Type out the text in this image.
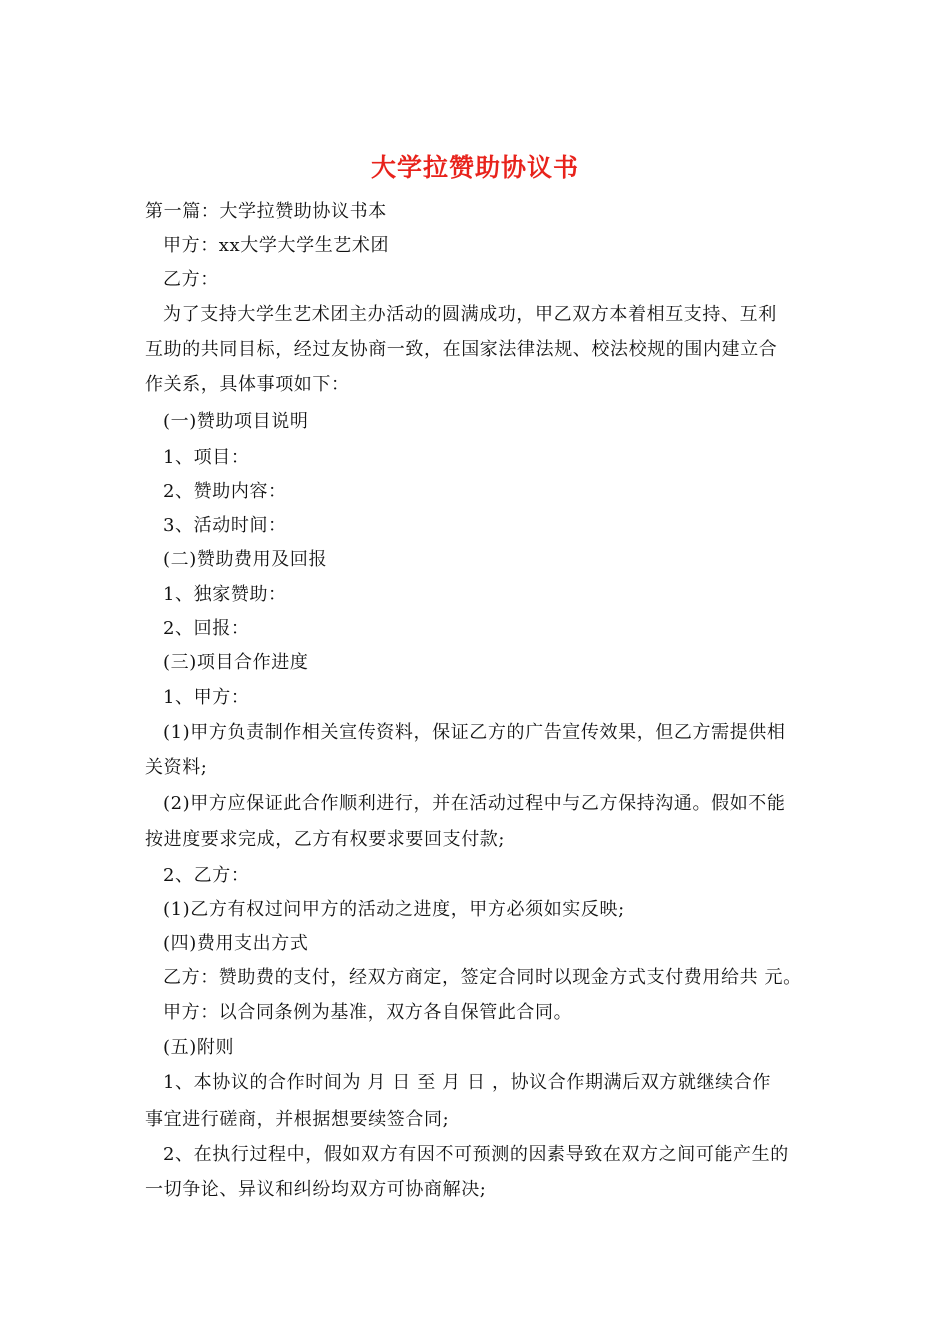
大学拉赞助协议书
第一篇：大学拉赞助协议书本
甲方：xx大学大学生艺术团
乙方：
为了支持大学生艺术团主办活动的圆满成功，甲乙双方本着相互支持、互利
互助的共同目标，经过友协商一致，在国家法律法规、校法校规的围内建立合
作关系，具体事项如下：
(一)赞助项目说明
1、项目：
2、赞助内容：
3、活动时间：
(二)赞助费用及回报
1、独家赞助：
2、回报：
(三)项目合作进度
1、甲方：
(1)甲方负责制作相关宣传资料，保证乙方的广告宣传效果，但乙方需提供相
关资料;
(2)甲方应保证此合作顺利进行，并在活动过程中与乙方保持沟通。假如不能
按进度要求完成，乙方有权要求要回支付款;
2、乙方：
(1)乙方有权过问甲方的活动之进度，甲方必须如实反映;
(四)费用支出方式
乙方：赞助费的支付，经双方商定，签定合同时以现金方式支付费用给共 元。
甲方：以合同条例为基准，双方各自保管此合同。
(五)附则
1、本协议的合作时间为 月 日 至 月 日 ，协议合作期满后双方就继续合作
事宜进行磋商，并根据想要续签合同;
2、在执行过程中，假如双方有因不可预测的因素导致在双方之间可能产生的
一切争论、异议和纠纷均双方可协商解决;
